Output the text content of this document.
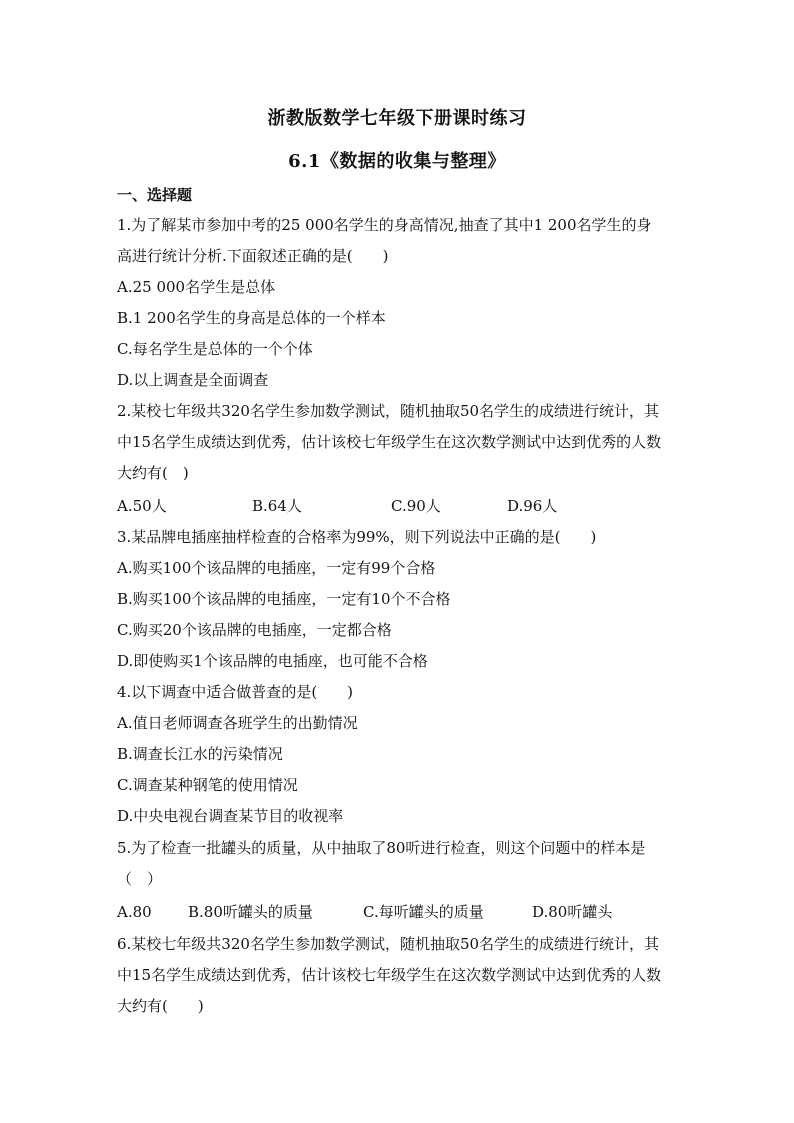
浙教版数学七年级下册课时练习
6.1《数据的收集与整理》
一、选择题
1.为了解某市参加中考的25 000名学生的身高情况,抽查了其中1 200名学生的身
高进行统计分析.下面叙述正确的是(　　)
A.25 000名学生是总体
B.1 200名学生的身高是总体的一个样本
C.每名学生是总体的一个个体
D.以上调查是全面调查
2.某校七年级共320名学生参加数学测试，随机抽取50名学生的成绩进行统计，其
中15名学生成绩达到优秀，估计该校七年级学生在这次数学测试中达到优秀的人数
大约有(　)

A.50人

	B.64人

	C.90人

	D.96人

3.某品牌电插座抽样检查的合格率为99%，则下列说法中正确的是(　　)
A.购买100个该品牌的电插座，一定有99个合格
B.购买100个该品牌的电插座，一定有10个不合格
C.购买20个该品牌的电插座，一定都合格
D.即使购买1个该品牌的电插座，也可能不合格
4.以下调查中适合做普查的是(　　)
A.值日老师调查各班学生的出勤情况
B.调查长江水的污染情况
C.调查某种钢笔的使用情况
D.中央电视台调查某节目的收视率
5.为了检查一批罐头的质量，从中抽取了80听进行检查，则这个问题中的样本是
（　）

A.80

B.80听罐头的质量

	C.每听罐头的质量

	D.80听罐头

6.某校七年级共320名学生参加数学测试，随机抽取50名学生的成绩进行统计，其
中15名学生成绩达到优秀，估计该校七年级学生在这次数学测试中达到优秀的人数
大约有(　　)
